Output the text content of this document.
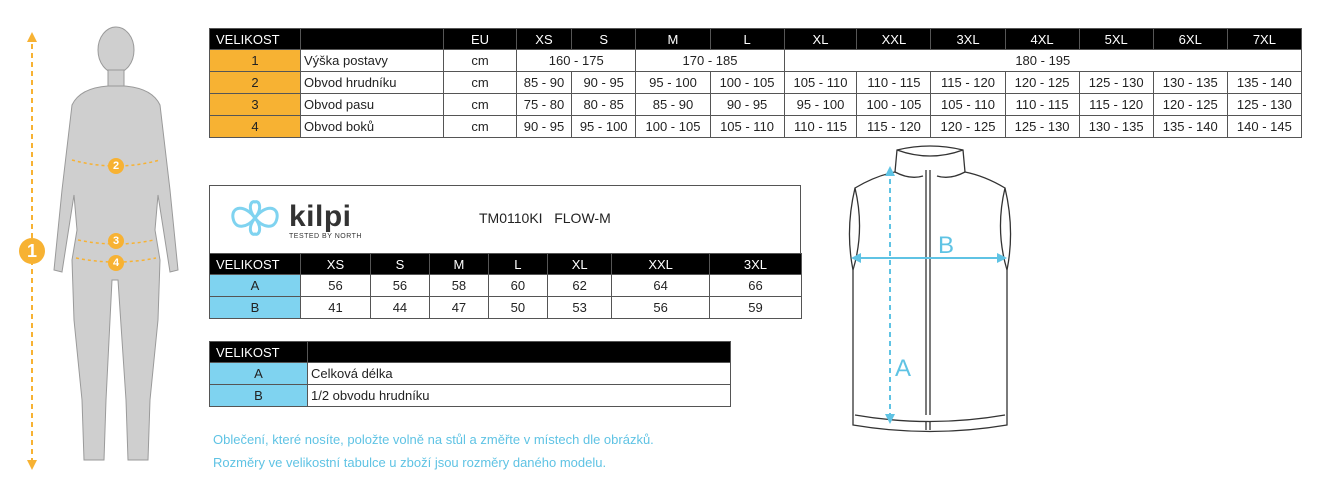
1
2
3
4
VELIKOST		EU	XS	S	M	L	XL	XXL	3XL	4XL	5XL	6XL	7XL
1	Výška postavy	cm	160 - 175		170 - 185		180 - 195						
2	Obvod hrudníku	cm	85 - 90	90 - 95	95 - 100	100 - 105	105 - 110	110 - 115	115 - 120	120 - 125	125 - 130	130 - 135	135 - 140
3	Obvod pasu	cm	75 - 80	80 - 85	85 - 90	90 - 95	95 - 100	100 - 105	105 - 110	110 - 115	115 - 120	120 - 125	125 - 130
4	Obvod boků	cm	90 - 95	95 - 100	100 - 105	105 - 110	110 - 115	115 - 120	120 - 125	125 - 130	130 - 135	135 - 140	140 - 145
kilpi
TESTED BY NORTH
TM0110KI   FLOW-M
VELIKOST	XS	S	M	L	XL	XXL	3XL
A	56	56	58	60	62	64	66
B	41	44	47	50	53	56	59
VELIKOST	
A	Celková délka
B	1/2 obvodu hrudníku
Oblečení, které nosíte, položte volně na stůl a změřte v místech dle obrázků.
Rozměry ve velikostní tabulce u zboží jsou rozměry daného modelu.
B
A
